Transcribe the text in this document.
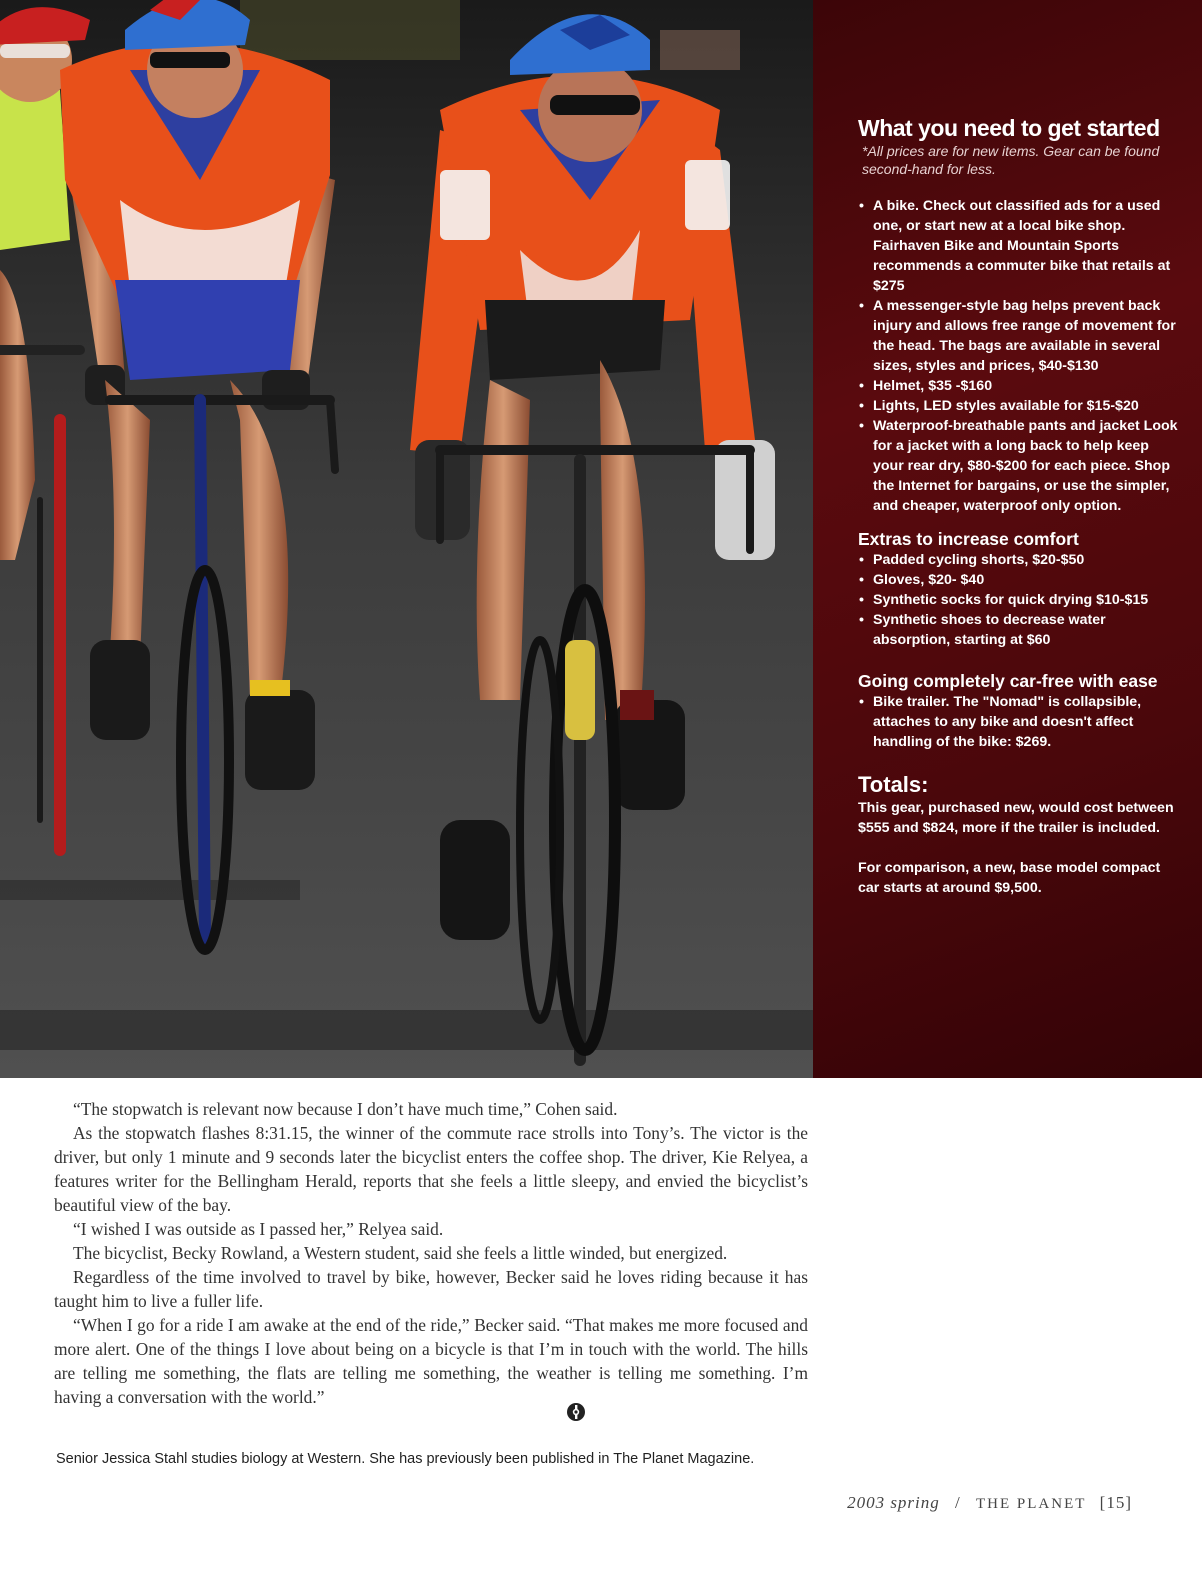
What you need to get started

*All prices are for new items. Gear can be found second-hand for less.

• A bike. Check out classified ads for a used one, or start new at a local bike shop. Fairhaven Bike and Mountain Sports recommends a commuter bike that retails at $275
• A messenger-style bag helps prevent back injury and allows free range of movement for the head. The bags are available in several sizes, styles and prices, $40-$130
• Helmet, $35 -$160
• Lights, LED styles available for $15-$20
• Waterproof-breathable pants and jacket Look for a jacket with a long back to help keep your rear dry, $80-$200 for each piece. Shop the Internet for bargains, or use the simpler, and cheaper, waterproof only option.
Extras to increase comfort
• Padded cycling shorts, $20-$50
• Gloves, $20- $40
• Synthetic socks for quick drying $10-$15
• Synthetic shoes to decrease water absorption, starting at $60
Going completely car-free with ease
• Bike trailer. The "Nomad" is collapsible, attaches to any bike and doesn't affect handling of the bike: $269.
Totals:

This gear, purchased new, would cost between $555 and $824, more if the trailer is included.

For comparison, a new, base model compact car starts at around $9,500.

“The stopwatch is relevant now because I don’t have much time,” Cohen said.

As the stopwatch flashes 8:31.15, the winner of the commute race strolls into Tony’s. The victor is the driver, but only 1 minute and 9 seconds later the bicyclist enters the coffee shop. The driver, Kie Relyea, a features writer for the Bellingham Herald, reports that she feels a little sleepy, and envied the bicyclist’s beautiful view of the bay.

“I wished I was outside as I passed her,” Relyea said.

The bicyclist, Becky Rowland, a Western student, said she feels a little winded, but energized.

Regardless of the time involved to travel by bike, however, Becker said he loves riding because it has taught him to live a fuller life.

“When I go for a ride I am awake at the end of the ride,” Becker said. “That makes me more focused and more alert. One of the things I love about being on a bicycle is that I’m in touch with the world. The hills are telling me something, the flats are telling me something, the weather is telling me something. I’m having a conversation with the world.”

Senior Jessica Stahl studies biology at Western. She has previously been published in The Planet Magazine.
2003 spring / THE PLANET [15]
